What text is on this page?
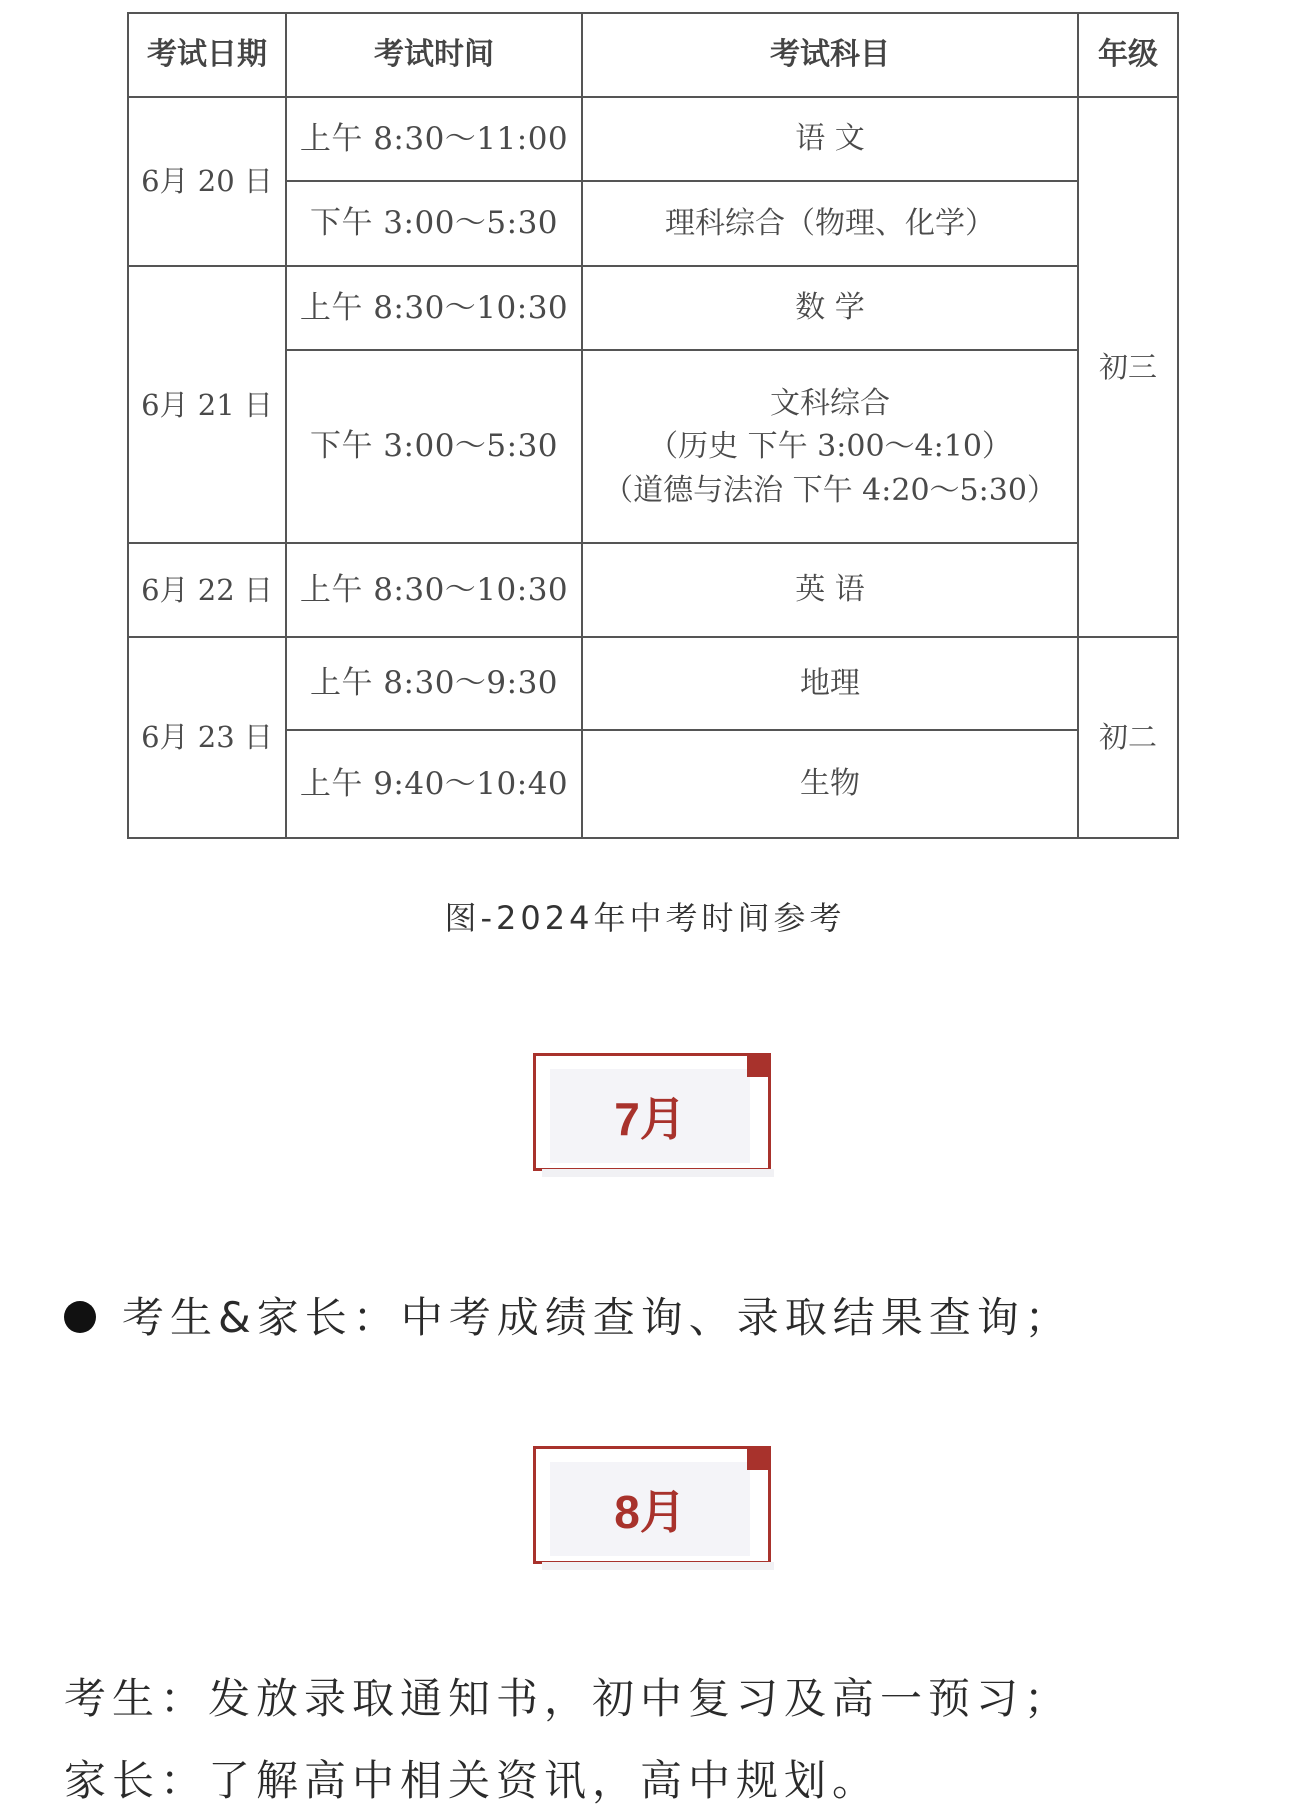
考试日期	考试时间	考试科目	年级
6月 20 日	上午 8:30～11:00	语 文	初三
	下午 3:00～5:30	理科综合（物理、化学）	

6月 21 日	上午 8:30～10:30	数 学	

	下午 3:00～5:30	文科综合
（历史 下午 3:00～4:10）
（道德与法治 下午 4:20～5:30）	

6月 22 日	上午 8:30～10:30	英 语	

6月 23 日	上午 8:30～9:30	地理	初二
	上午 9:40～10:40	生物	
图-2024年中考时间参考
7月
考生&家长：中考成绩查询、录取结果查询；
8月
考生：发放录取通知书，初中复习及高一预习；
家长：了解高中相关资讯，高中规划。
